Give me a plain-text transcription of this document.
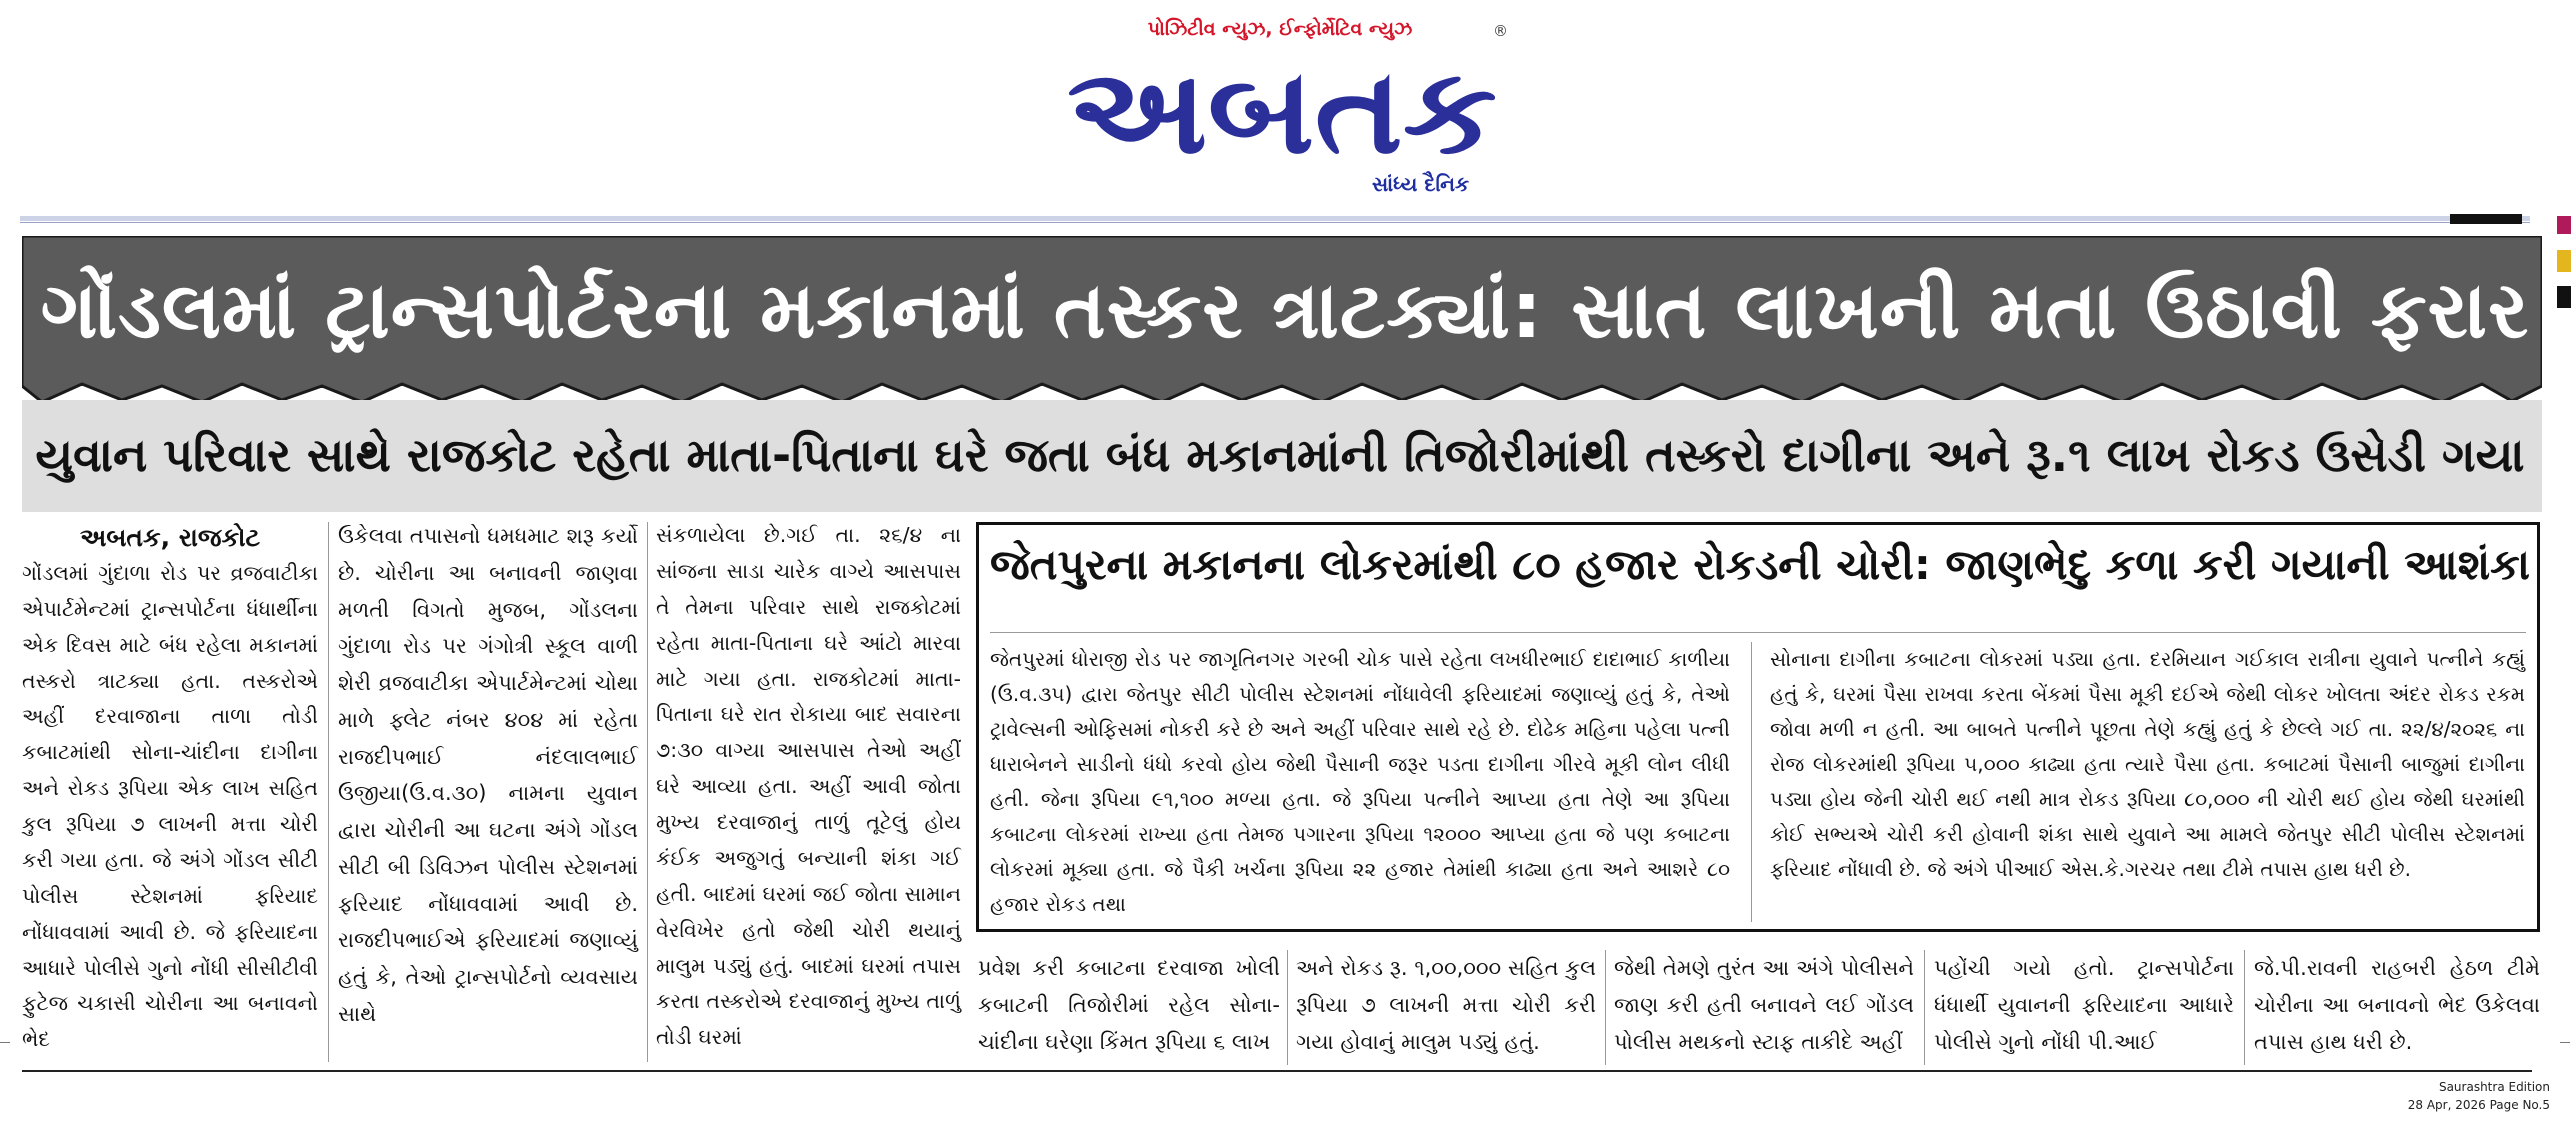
પોઝિટીવ ન્યુઝ, ઈન્ફોર્મેટિવ ન્યુઝ
અબતક
®
સાંધ્ય દૈનિક
ગોંડલમાં ટ્રાન્સપોર્ટરના મકાનમાં તસ્કર ત્રાટક્યાં: સાત લાખની મતા ઉઠાવી ફરાર
યુવાન પરિવાર સાથે રાજકોટ રહેતા માતા-પિતાના ઘરે જતા બંધ મકાનમાંની તિજોરીમાંથી તસ્કરો દાગીના અને રૂ.૧ લાખ રોકડ ઉસેડી ગયા
અબતક, રાજકોટ
ગોંડલમાં ગુંદાળા રોડ પર વ્રજવાટીકા એપાર્ટમેન્ટમાં ટ્રાન્સપોર્ટના ધંધાર્થીના એક દિવસ માટે બંધ રહેલા મકાનમાં તસ્કરો ત્રાટક્યા હતા. તસ્કરોએ અહીં દરવાજાના તાળા તોડી કબાટમાંથી સોના-ચાંદીના દાગીના અને રોકડ રૂપિયા એક લાખ સહિત કુલ રૂપિયા ૭ લાખની મત્તા ચોરી કરી ગયા હતા. જે અંગે ગોંડલ સીટી પોલીસ સ્ટેશનમાં ફરિયાદ નોંધાવવામાં આવી છે. જે ફરિયાદના આધારે પોલીસે ગુનો નોંધી સીસીટીવી ફુટેજ ચકાસી ચોરીના આ બનાવનો ભેદ
ઉકેલવા તપાસનો ધમધમાટ શરૂ કર્યો છે. ચોરીના આ બનાવની જાણવા મળતી વિગતો મુજબ, ગોંડલના ગુંદાળા રોડ પર ગંગોત્રી સ્કૂલ વાળી શેરી વ્રજવાટીકા એપાર્ટમેન્ટમાં ચોથા માળે ફ્લેટ નંબર ૪૦૪ માં રહેતા રાજદીપભાઈ નંદલાલભાઈ ઉજીયા(ઉ.વ.૩૦) નામના યુવાન દ્વારા ચોરીની આ ઘટના અંગે ગોંડલ સીટી બી ડિવિઝન પોલીસ સ્ટેશનમાં ફરિયાદ નોંધાવવામાં આવી છે. રાજદીપભાઈએ ફરિયાદમાં જણાવ્યું હતું કે, તેઓ ટ્રાન્સપોર્ટનો વ્યવસાય સાથે
સંકળાયેલા છે.ગઈ તા. ૨૬/૪ ના સાંજના સાડા ચારેક વાગ્યે આસપાસ તે તેમના પરિવાર સાથે રાજકોટમાં રહેતા માતા-પિતાના ઘરે આંટો મારવા માટે ગયા હતા. રાજકોટમાં માતા-પિતાના ઘરે રાત રોકાયા બાદ સવારના ૭:૩૦ વાગ્યા આસપાસ તેઓ અહીં ઘરે આવ્યા હતા. અહીં આવી જોતા મુખ્ય દરવાજાનું તાળું તૂટેલું હોય કંઈક અજુગતું બન્યાની શંકા ગઈ હતી. બાદમાં ઘરમાં જઈ જોતા સામાન વેરવિખેર હતો જેથી ચોરી થયાનું માલુમ પડ્યું હતું. બાદમાં ઘરમાં તપાસ કરતા તસ્કરોએ દરવાજાનું મુખ્ય તાળું તોડી ઘરમાં
જેતપુરના મકાનના લોકરમાંથી ૮૦ હજાર રોકડની ચોરી: જાણભેદુ કળા કરી ગયાની આશંકા
જેતપુરમાં ધોરાજી રોડ પર જાગૃતિનગર ગરબી ચોક પાસે રહેતા લખધીરભાઈ દાદાભાઈ કાળીયા (ઉ.વ.૩૫) દ્વારા જેતપુર સીટી પોલીસ સ્ટેશનમાં નોંધાવેલી ફરિયાદમાં જણાવ્યું હતું કે, તેઓ ટ્રાવેલ્સની ઓફિસમાં નોકરી કરે છે અને અહીં પરિવાર સાથે રહે છે. દોઢેક મહિના પહેલા પત્ની ધારાબેનને સાડીનો ધંધો કરવો હોય જેથી પૈસાની જરૂર પડતા દાગીના ગીરવે મૂકી લોન લીધી હતી. જેના રૂપિયા ૯૧,૧૦૦ મળ્યા હતા. જે રૂપિયા પત્નીને આપ્યા હતા તેણે આ રૂપિયા કબાટના લોકરમાં રાખ્યા હતા તેમજ પગારના રૂપિયા ૧૨૦૦૦ આપ્યા હતા જે પણ કબાટના લોકરમાં મૂક્યા હતા. જે પૈકી ખર્ચના રૂપિયા ૨૨ હજાર તેમાંથી કાઢ્યા હતા અને આશરે ૮૦ હજાર રોકડ તથા
સોનાના દાગીના કબાટના લોકરમાં પડ્યા હતા. દરમિયાન ગઈકાલ રાત્રીના યુવાને પત્નીને કહ્યું હતું કે, ઘરમાં પૈસા રાખવા કરતા બેંકમાં પૈસા મૂકી દઈએ જેથી લોકર ખોલતા અંદર રોકડ રકમ જોવા મળી ન હતી. આ બાબતે પત્નીને પૂછતા તેણે કહ્યું હતું કે છેલ્લે ગઈ તા. ૨૨/૪/૨૦૨૬ ના રોજ લોકરમાંથી રૂપિયા ૫,૦૦૦ કાઢ્યા હતા ત્યારે પૈસા હતા. કબાટમાં પૈસાની બાજુમાં દાગીના પડ્યા હોય જેની ચોરી થઈ નથી માત્ર રોકડ રૂપિયા ૮૦,૦૦૦ ની ચોરી થઈ હોય જેથી ઘરમાંથી કોઈ સભ્યએ ચોરી કરી હોવાની શંકા સાથે યુવાને આ મામલે જેતપુર સીટી પોલીસ સ્ટેશનમાં ફરિયાદ નોંધાવી છે. જે અંગે પીઆઈ એસ.કે.ગરચર તથા ટીમે તપાસ હાથ ધરી છે.
પ્રવેશ કરી કબાટના દરવાજા ખોલી કબાટની તિજોરીમાં રહેલ સોના-ચાંદીના ઘરેણા કિંમત રૂપિયા ૬ લાખ
અને રોકડ રૂ. ૧,૦૦,૦૦૦ સહિત કુલ રૂપિયા ૭ લાખની મત્તા ચોરી કરી ગયા હોવાનું માલુમ પડ્યું હતું.
જેથી તેમણે તુરંત આ અંગે પોલીસને જાણ કરી હતી બનાવને લઈ ગોંડલ પોલીસ મથકનો સ્ટાફ તાકીદે અહીં
પહોંચી ગયો હતો. ટ્રાન્સપોર્ટના ધંધાર્થી યુવાનની ફરિયાદના આધારે પોલીસે ગુનો નોંધી પી.આઈ
જે.પી.રાવની રાહબરી હેઠળ ટીમે ચોરીના આ બનાવનો ભેદ ઉકેલવા તપાસ હાથ ધરી છે.
Saurashtra Edition
28 Apr, 2026 Page No.5
